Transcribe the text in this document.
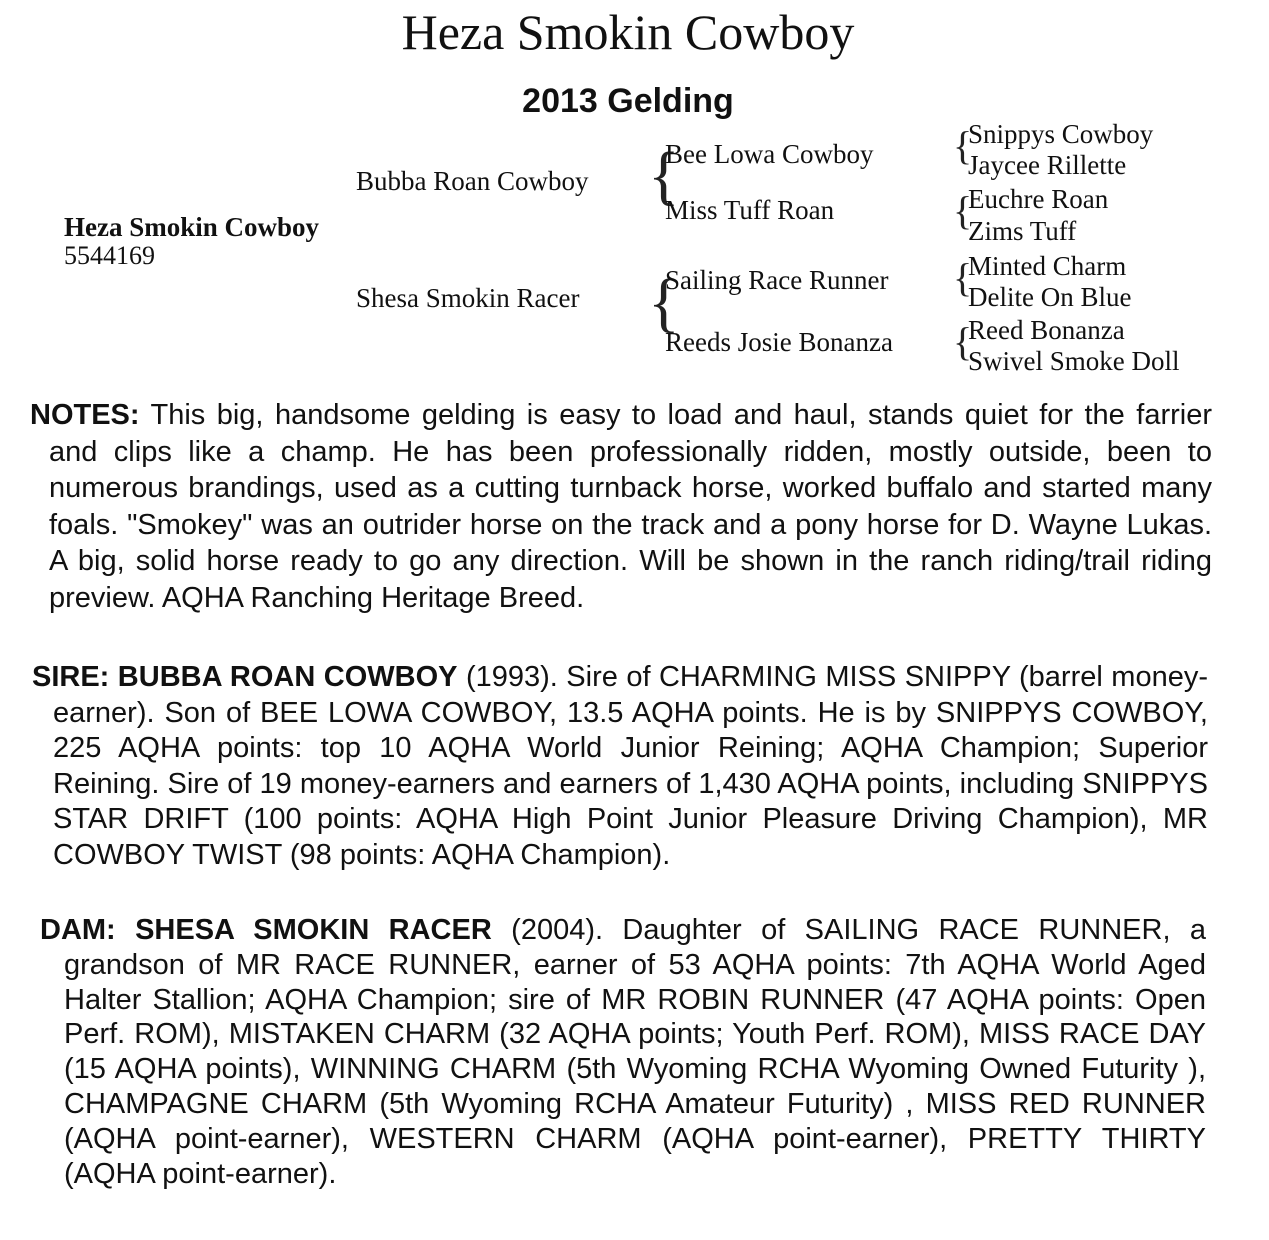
Heza Smokin Cowboy
2013 Gelding
Heza Smokin Cowboy
5544169
Bubba Roan Cowboy
Shesa Smokin Racer
{
{
Bee Lowa Cowboy
Miss Tuff Roan
Sailing Race Runner
Reeds Josie Bonanza
{
{
{
{
Snippys Cowboy
Jaycee Rillette
Euchre Roan
Zims Tuff
Minted Charm
Delite On Blue
Reed Bonanza
Swivel Smoke Doll

NOTES: This big, handsome gelding is easy to load and haul, stands quiet for the farrier and clips like a champ. He has been professionally ridden, mostly outside, been to numerous brandings, used as a cutting turnback horse, worked buffalo and started many foals. "Smokey" was an outrider horse on the track and a pony horse for D. Wayne Lukas. A big, solid horse ready to go any direction. Will be shown in the ranch riding/trail riding preview. AQHA Ranching Heritage Breed.

SIRE: BUBBA ROAN COWBOY (1993). Sire of CHARMING MISS SNIPPY (barrel money-earner). Son of BEE LOWA COWBOY, 13.5 AQHA points. He is by SNIPPYS COWBOY, 225 AQHA points: top 10 AQHA World Junior Reining; AQHA Champion; Superior Reining. Sire of 19 money-earners and earners of 1,430 AQHA points, including SNIPPYS STAR DRIFT (100 points: AQHA High Point Junior Pleasure Driving Champion), MR COWBOY TWIST (98 points: AQHA Champion).

DAM: SHESA SMOKIN RACER (2004). Daughter of SAILING RACE RUNNER, a grandson of MR RACE RUNNER, earner of 53 AQHA points: 7th AQHA World Aged Halter Stallion; AQHA Champion; sire of MR ROBIN RUNNER (47 AQHA points: Open Perf. ROM), MISTAKEN CHARM (32 AQHA points; Youth Perf. ROM), MISS RACE DAY (15 AQHA points), WINNING CHARM (5th Wyoming RCHA Wyoming Owned Futurity ), CHAMPAGNE CHARM (5th Wyoming RCHA Amateur Futurity) , MISS RED RUNNER (AQHA point-earner), WESTERN CHARM (AQHA point-earner), PRETTY THIRTY (AQHA point-earner).
